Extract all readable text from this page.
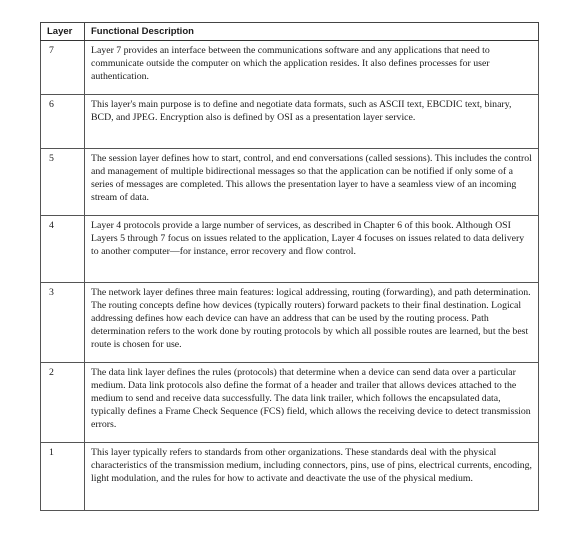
Layer	Functional Description
7	Layer 7 provides an interface between the communications software and any applications that need to communicate outside the computer on which the application resides. It also defines processes for user authentication.
6	This layer's main purpose is to define and negotiate data formats, such as ASCII text, EBCDIC text, binary, BCD, and JPEG. Encryption also is defined by OSI as a presentation layer service.
5	The session layer defines how to start, control, and end conversations (called sessions). This includes the control and management of multiple bidirectional messages so that the application can be notified if only some of a series of messages are completed. This allows the presentation layer to have a seamless view of an incoming stream of data.
4	Layer 4 protocols provide a large number of services, as described in Chapter 6 of this book. Although OSI Layers 5 through 7 focus on issues related to the application, Layer 4 focuses on issues related to data delivery to another computer—for instance, error recovery and flow control.
3	The network layer defines three main features: logical addressing, routing (forwarding), and path determination. The routing concepts define how devices (typically routers) forward packets to their final destination. Logical addressing defines how each device can have an address that can be used by the routing process. Path determination refers to the work done by routing protocols by which all possible routes are learned, but the best route is chosen for use.
2	The data link layer defines the rules (protocols) that determine when a device can send data over a particular medium. Data link protocols also define the format of a header and trailer that allows devices attached to the medium to send and receive data successfully. The data link trailer, which follows the encapsulated data, typically defines a Frame Check Sequence (FCS) field, which allows the receiving device to detect transmission errors.
1	This layer typically refers to standards from other organizations. These standards deal with the physical characteristics of the transmission medium, including connectors, pins, use of pins, electrical currents, encoding, light modulation, and the rules for how to activate and deactivate the use of the physical medium.
